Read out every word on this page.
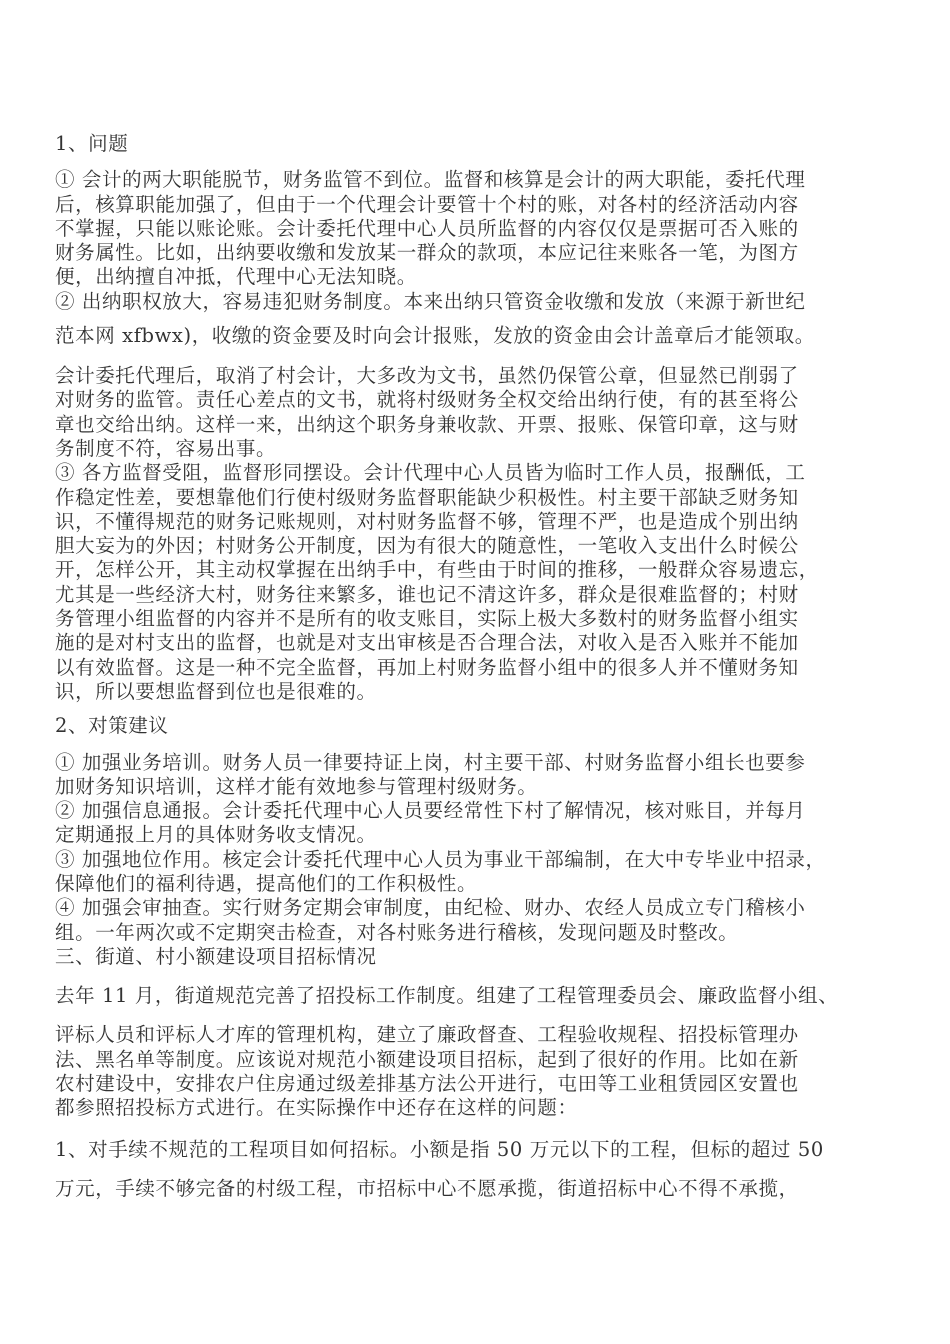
1、问题
① 会计的两大职能脱节，财务监管不到位。监督和核算是会计的两大职能，委托代理
后，核算职能加强了，但由于一个代理会计要管十个村的账，对各村的经济活动内容
不掌握，只能以账论账。会计委托代理中心人员所监督的内容仅仅是票据可否入账的
财务属性。比如，出纳要收缴和发放某一群众的款项，本应记往来账各一笔，为图方
便，出纳擅自冲抵，代理中心无法知晓。
② 出纳职权放大，容易违犯财务制度。本来出纳只管资金收缴和发放（来源于新世纪
范本网 xfbwx)，收缴的资金要及时向会计报账，发放的资金由会计盖章后才能领取。
会计委托代理后，取消了村会计，大多改为文书，虽然仍保管公章，但显然已削弱了
对财务的监管。责任心差点的文书，就将村级财务全权交给出纳行使，有的甚至将公
章也交给出纳。这样一来，出纳这个职务身兼收款、开票、报账、保管印章，这与财
务制度不符，容易出事。
③ 各方监督受阻，监督形同摆设。会计代理中心人员皆为临时工作人员，报酬低，工
作稳定性差，要想靠他们行使村级财务监督职能缺少积极性。村主要干部缺乏财务知
识，不懂得规范的财务记账规则，对村财务监督不够，管理不严，也是造成个别出纳
胆大妄为的外因；村财务公开制度，因为有很大的随意性，一笔收入支出什么时候公
开，怎样公开，其主动权掌握在出纳手中，有些由于时间的推移，一般群众容易遗忘，
尤其是一些经济大村，财务往来繁多，谁也记不清这许多，群众是很难监督的；村财
务管理小组监督的内容并不是所有的收支账目，实际上极大多数村的财务监督小组实
施的是对村支出的监督，也就是对支出审核是否合理合法，对收入是否入账并不能加
以有效监督。这是一种不完全监督，再加上村财务监督小组中的很多人并不懂财务知
识，所以要想监督到位也是很难的。
2、对策建议
① 加强业务培训。财务人员一律要持证上岗，村主要干部、村财务监督小组长也要参
加财务知识培训，这样才能有效地参与管理村级财务。
② 加强信息通报。会计委托代理中心人员要经常性下村了解情况，核对账目，并每月
定期通报上月的具体财务收支情况。
③ 加强地位作用。核定会计委托代理中心人员为事业干部编制，在大中专毕业中招录，
保障他们的福利待遇，提高他们的工作积极性。
④ 加强会审抽查。实行财务定期会审制度，由纪检、财办、农经人员成立专门稽核小
组。一年两次或不定期突击检查，对各村账务进行稽核，发现问题及时整改。
三、街道、村小额建设项目招标情况
去年 11 月，街道规范完善了招投标工作制度。组建了工程管理委员会、廉政监督小组、
评标人员和评标人才库的管理机构，建立了廉政督查、工程验收规程、招投标管理办
法、黑名单等制度。应该说对规范小额建设项目招标，起到了很好的作用。比如在新
农村建设中，安排农户住房通过级差排基方法公开进行，屯田等工业租赁园区安置也
都参照招投标方式进行。在实际操作中还存在这样的问题：
1、对手续不规范的工程项目如何招标。小额是指 50 万元以下的工程，但标的超过 50
万元，手续不够完备的村级工程，市招标中心不愿承揽，街道招标中心不得不承揽，
